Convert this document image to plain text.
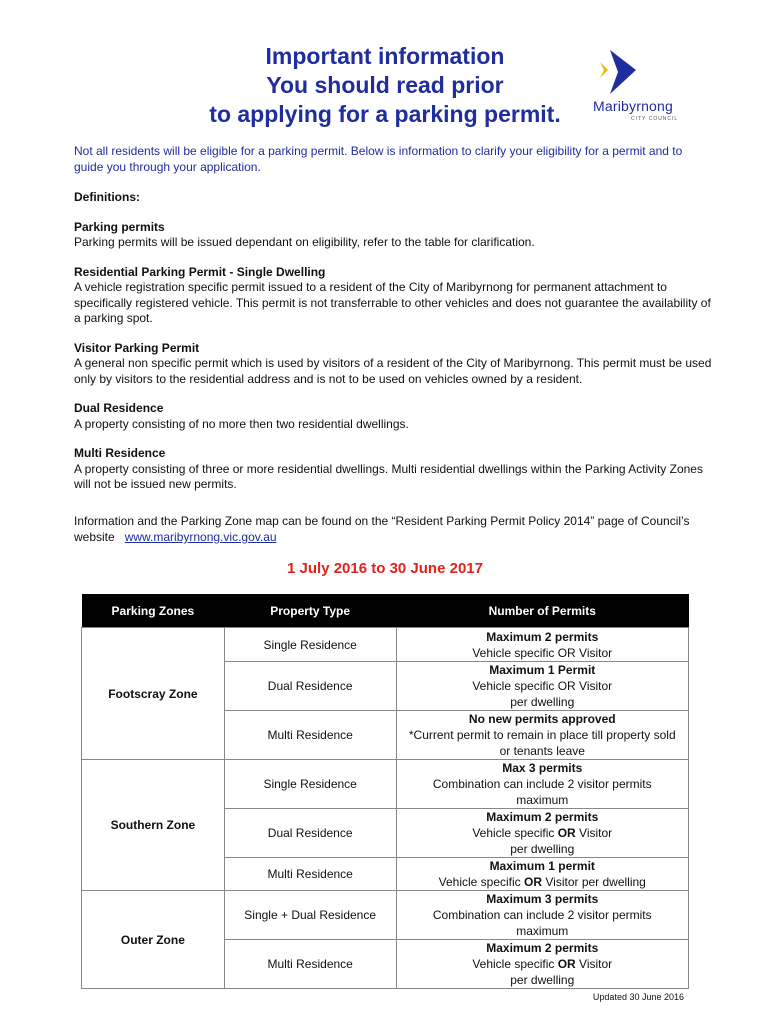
Important information
You should read prior
to applying for a parking permit.	Maribyrnong
CITY COUNCIL
Not all residents will be eligible for a parking permit. Below is information to clarify your eligibility for a permit and to guide you through your application.

Definitions:

Parking permits

Parking permits will be issued dependant on eligibility, refer to the table for clarification.

Residential Parking Permit - Single Dwelling

A vehicle registration specific permit issued to a resident of the City of Maribyrnong for permanent attachment to specifically registered vehicle. This permit is not transferrable to other vehicles and does not guarantee the availability of a parking spot.

Visitor Parking Permit

A general non specific permit which is used by visitors of a resident of the City of Maribyrnong. This permit must be used only by visitors to the residential address and is not to be used on vehicles owned by a resident.

Dual Residence

A property consisting of no more then two residential dwellings.

Multi Residence

A property consisting of three or more residential dwellings. Multi residential dwellings within the Parking Activity Zones will not be issued new permits.

Information and the Parking Zone map can be found on the “Resident Parking Permit Policy 2014” page of Council’s website www.maribyrnong.vic.gov.au
1 July 2016 to 30 June 2017
Parking Zones	Property Type	Number of Permits
Footscray Zone	Single Residence	Maximum 2 permits
Vehicle specific OR Visitor

	Dual Residence	Maximum 1 Permit
Vehicle specific OR Visitor
per dwelling

	Multi Residence	No new permits approved
*Current permit to remain in place till property sold
or tenants leave

Southern Zone	Single Residence	Max 3 permits
Combination can include 2 visitor permits
maximum

	Dual Residence	Maximum 2 permits
Vehicle specific OR Visitor
per dwelling

	Multi Residence	Maximum 1 permit
Vehicle specific OR Visitor per dwelling

Outer Zone	Single + Dual Residence	Maximum 3 permits
Combination can include 2 visitor permits
maximum

	Multi Residence	Maximum 2 permits
Vehicle specific OR Visitor
per dwelling
Updated 30 June 2016
